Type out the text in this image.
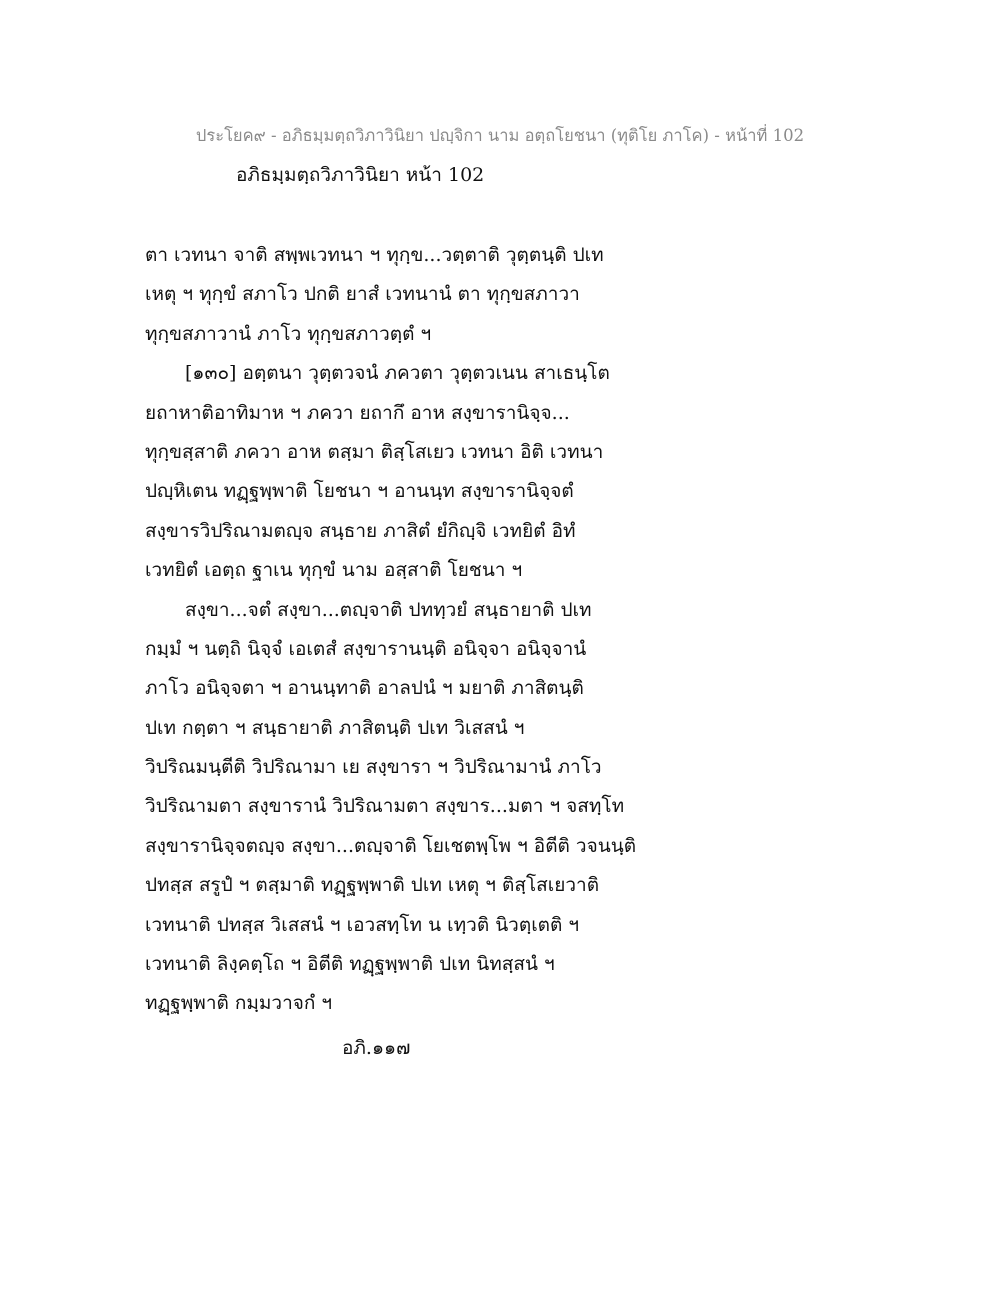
ประโยค๙ - อภิธมฺมตฺถวิภาวินิยา ปญฺจิกา นาม อตฺถโยชนา (ทุติโย ภาโค) - หน้าที่ 102
อภิธมฺมตฺถวิภาวินิยา หน้า 102
ตา เวทนา จาติ สพฺพเวทนา ฯ ทุกฺข...วตฺตาติ วุตฺตนฺติ ปเท
เหตุ ฯ ทุกฺขํ สภาโว ปกติ ยาสํ เวทนานํ ตา ทุกฺขสภาวา
ทุกฺขสภาวานํ ภาโว ทุกฺขสภาวตฺตํ ฯ
[๑๓๐] อตฺตนา วุตฺตวจนํ ภควตา วุตฺตวเนน สาเธนฺโต
ยถาหาติอาทิมาห ฯ ภควา ยถากึ อาห สงฺขารานิจฺจ...
ทุกฺขสฺสาติ ภควา อาห ตสฺมา ติสฺโสเยว เวทนา อิติ เวทนา
ปญฺหิเตน ทฏฺฐพฺพาติ โยชนา ฯ อานนฺท สงฺขารานิจฺจตํ
สงฺขารวิปริณามตญฺจ สนฺธาย ภาสิตํ ยํกิญฺจิ เวทยิตํ อิทํ
เวทยิตํ เอตฺถ ฐาเน ทุกฺขํ นาม อสฺสาติ โยชนา ฯ
สงฺขา...จตํ สงฺขา...ตญฺจาติ ปททฺวยํ สนฺธายาติ ปเท
กมฺมํ ฯ นตฺถิ นิจฺจํ เอเตสํ สงฺขารานนฺติ อนิจฺจา อนิจฺจานํ
ภาโว อนิจฺจตา ฯ อานนฺทาติ อาลปนํ ฯ มยาติ ภาสิตนฺติ
ปเท กตฺตา ฯ สนฺธายาติ ภาสิตนฺติ ปเท วิเสสนํ ฯ
วิปริณมนฺตีติ วิปริณามา เย สงฺขารา ฯ วิปริณามานํ ภาโว
วิปริณามตา สงฺขารานํ วิปริณามตา สงฺขาร...มตา ฯ จสทฺโท
สงฺขารานิจฺจตญฺจ สงฺขา...ตญฺจาติ โยเชตพฺโพ ฯ อิตีติ วจนนฺติ
ปทสฺส สรูปํ ฯ ตสฺมาติ ทฏฺฐพฺพาติ ปเท เหตุ ฯ ติสฺโสเยวาติ
เวทนาติ ปทสฺส วิเสสนํ ฯ เอวสทฺโท น เทฺวติ นิวตฺเตติ ฯ
เวทนาติ ลิงฺคตฺโถ ฯ อิตีติ ทฏฺฐพฺพาติ ปเท นิทสฺสนํ ฯ
ทฏฺฐพฺพาติ กมฺมวาจกํ ฯ
อภิ.๑๑๗
